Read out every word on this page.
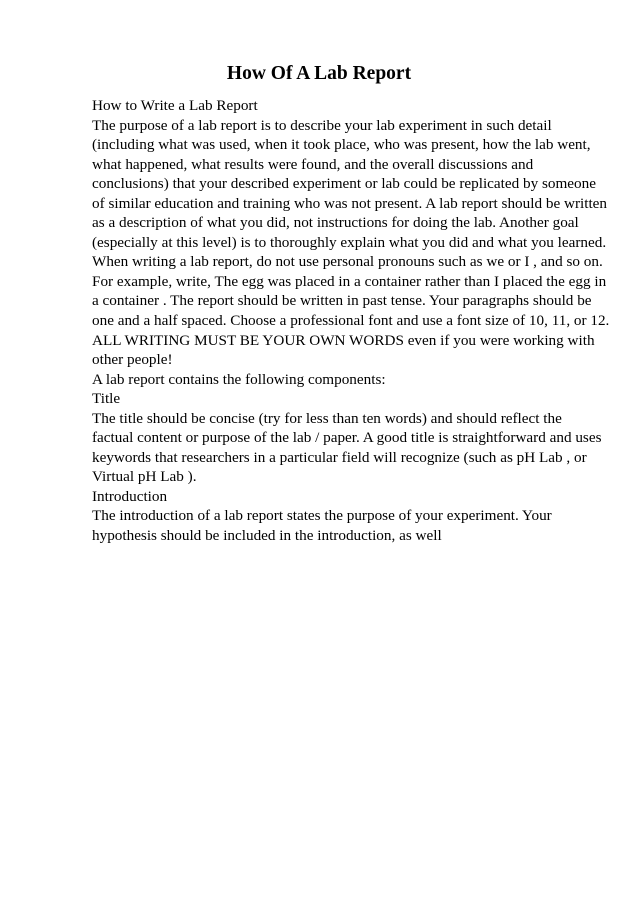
How Of A Lab Report
How to Write a Lab Report
The purpose of a lab report is to describe your lab experiment in such detail
(including what was used, when it took place, who was present, how the lab went,
what happened, what results were found, and the overall discussions and
conclusions) that your described experiment or lab could be replicated by someone
of similar education and training who was not present. A lab report should be written
as a description of what you did, not instructions for doing the lab. Another goal
(especially at this level) is to thoroughly explain what you did and what you learned.
When writing a lab report, do not use personal pronouns such as we or I , and so on.
For example, write, The egg was placed in a container rather than I placed the egg in
a container . The report should be written in past tense. Your paragraphs should be
one and a half spaced. Choose a professional font and use a font size of 10, 11, or 12.
ALL WRITING MUST BE YOUR OWN WORDS even if you were working with
other people!
A lab report contains the following components:
Title
The title should be concise (try for less than ten words) and should reflect the
factual content or purpose of the lab / paper. A good title is straightforward and uses
keywords that researchers in a particular field will recognize (such as pH Lab , or
Virtual pH Lab ).
Introduction
The introduction of a lab report states the purpose of your experiment. Your
hypothesis should be included in the introduction, as well
